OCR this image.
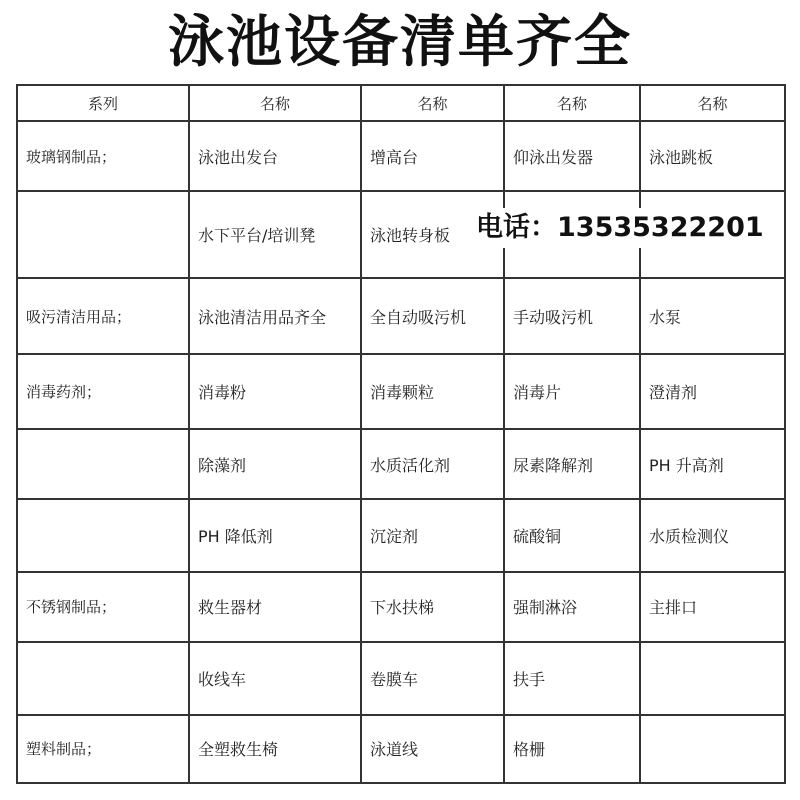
泳池设备清单齐全
系列	名称	名称	名称	名称
玻璃钢制品；	泳池出发台	增高台	仰泳出发器	泳池跳板
	水下平台/培训凳	泳池转身板		
吸污清洁用品；	泳池清洁用品齐全	全自动吸污机	手动吸污机	水泵
消毒药剂；	消毒粉	消毒颗粒	消毒片	澄清剂
	除藻剂	水质活化剂	尿素降解剂	PH 升高剂
	PH 降低剂	沉淀剂	硫酸铜	水质检测仪
不锈钢制品；	救生器材	下水扶梯	强制淋浴	主排口
	收线车	卷膜车	扶手	
塑料制品；	全塑救生椅	泳道线	格栅	
电话：13535322201
